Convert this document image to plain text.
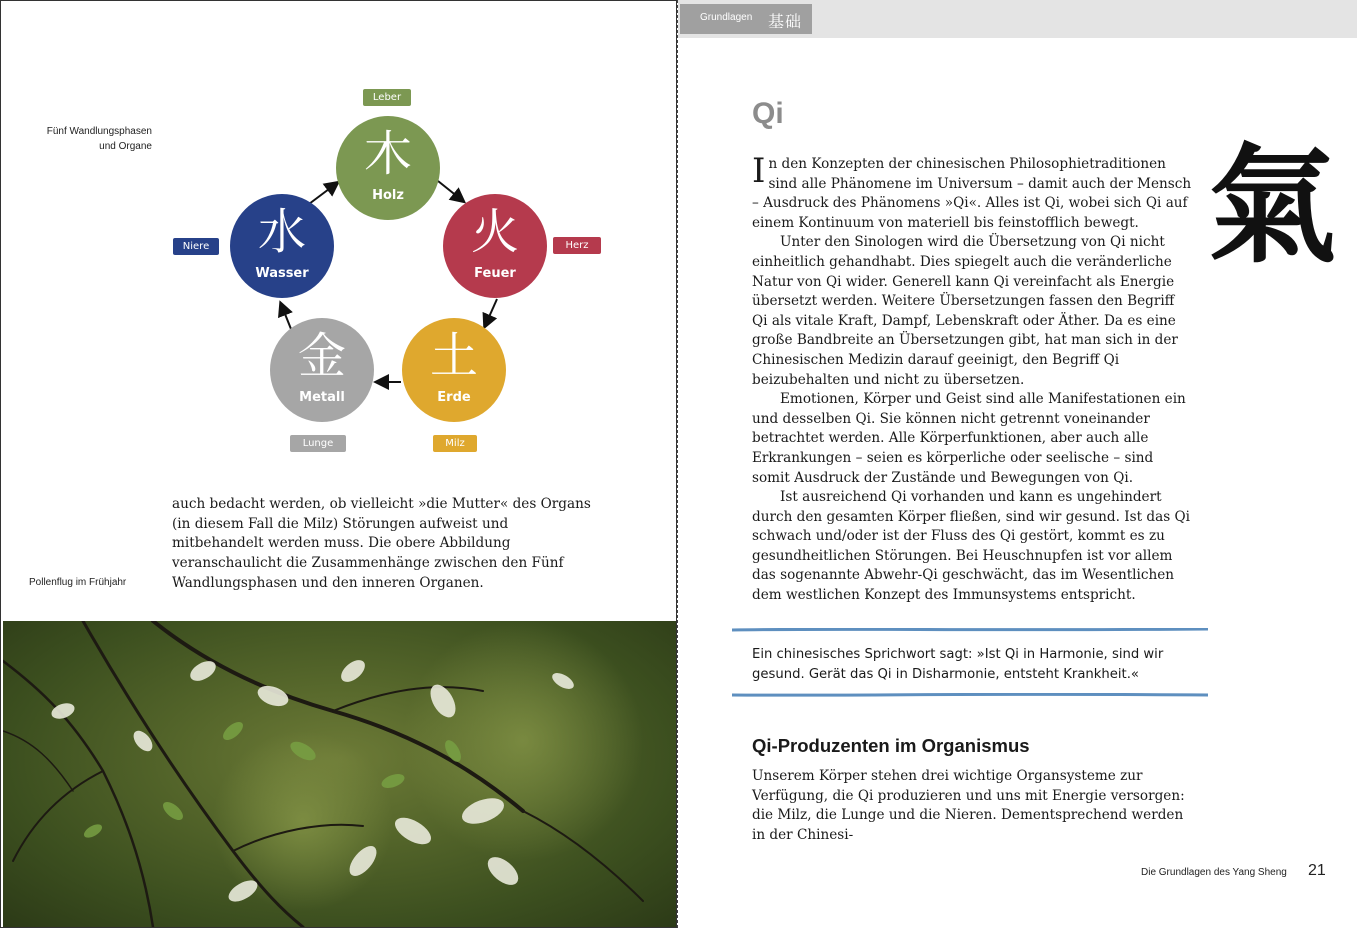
Fünf Wandlungsphasen
und Organe
Leber
Herz
Milz
Lunge
Niere
木
Holz
火
Feuer
土
Erde
金
Metall
水
Wasser
auch bedacht werden, ob vielleicht »die Mutter« des Organs (in diesem Fall die Milz) Störungen aufweist und mitbehandelt werden muss. Die obere Abbildung veranschaulicht die Zusammenhänge zwischen den Fünf Wandlungsphasen und den inneren Organen.
Pollenflug im Frühjahr
Grundlagen 基础
Qi
氣

In den Konzepten der chinesischen Philosophietraditionen sind alle Phänomene im Universum – damit auch der Mensch – Ausdruck des Phänomens »Qi«. Alles ist Qi, wobei sich Qi auf einem Kontinuum von materiell bis feinstofflich bewegt.

Unter den Sinologen wird die Übersetzung von Qi nicht einheitlich gehandhabt. Dies spiegelt auch die veränderliche Natur von Qi wider. Generell kann Qi vereinfacht als Energie übersetzt werden. Weitere Übersetzungen fassen den Begriff Qi als vitale Kraft, Dampf, Lebenskraft oder Äther. Da es eine große Bandbreite an Übersetzungen gibt, hat man sich in der Chinesischen Medizin darauf geeinigt, den Begriff Qi beizubehalten und nicht zu übersetzen.

Emotionen, Körper und Geist sind alle Manifestationen ein und desselben Qi. Sie können nicht getrennt voneinander betrachtet werden. Alle Körperfunktionen, aber auch alle Erkrankungen – seien es körperliche oder seelische – sind somit Ausdruck der Zustände und Bewegungen von Qi.

Ist ausreichend Qi vorhanden und kann es ungehindert durch den gesamten Körper fließen, sind wir gesund. Ist das Qi schwach und/oder ist der Fluss des Qi gestört, kommt es zu gesundheitlichen Störungen. Bei Heuschnupfen ist vor allem das sogenannte Abwehr-Qi geschwächt, das im Wesentlichen dem westlichen Konzept des Immunsystems entspricht.

Ein chinesisches Sprichwort sagt: »Ist Qi in Harmonie, sind wir gesund. Gerät das Qi in Disharmonie, entsteht Krankheit.«
Qi-Produzenten im Organismus
Unserem Körper stehen drei wichtige Organsysteme zur Verfügung, die Qi produzieren und uns mit Energie versorgen: die Milz, die Lunge und die Nieren. Dementsprechend werden in der Chinesi-
Die Grundlagen des Yang Sheng 21
